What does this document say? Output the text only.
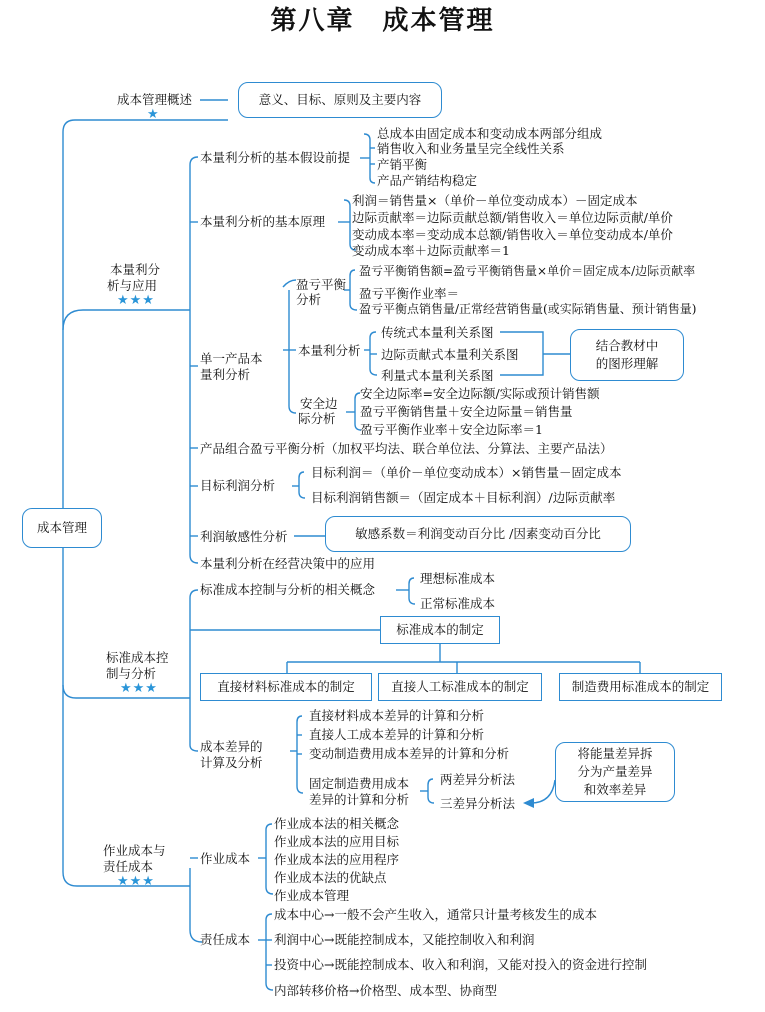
第八章　成本管理
成本管理
成本管理概述
★
意义、目标、原则及主要内容
本量利分
析与应用
★★★
本量利分析的基本假设前提
总成本由固定成本和变动成本两部分组成
销售收入和业务量呈完全线性关系
产销平衡
产品产销结构稳定
本量利分析的基本原理
利润＝销售量×（单价－单位变动成本）－固定成本
边际贡献率＝边际贡献总额/销售收入＝单位边际贡献/单价
变动成本率＝变动成本总额/销售收入＝单位变动成本/单价
变动成本率＋边际贡献率＝1
单一产品本
量利分析
盈亏平衡
分析
盈亏平衡销售额=盈亏平衡销售量×单价＝固定成本/边际贡献率
盈亏平衡作业率＝
盈亏平衡点销售量/正常经营销售量(或实际销售量、预计销售量)
本量利分析
传统式本量利关系图
边际贡献式本量利关系图
利量式本量利关系图
结合教材中
的图形理解
安全边
际分析
安全边际率=安全边际额/实际或预计销售额
盈亏平衡销售量＋安全边际量＝销售量
盈亏平衡作业率＋安全边际率＝1
产品组合盈亏平衡分析（加权平均法、联合单位法、分算法、主要产品法）
目标利润分析
目标利润＝（单价－单位变动成本）×销售量－固定成本
目标利润销售额＝（固定成本＋目标利润）/边际贡献率
利润敏感性分析	敏感系数＝利润变动百分比 /因素变动百分比
本量利分析在经营决策中的应用
标准成本控
制与分析
★★★
标准成本控制与分析的相关概念
理想标准成本
正常标准成本
标准成本的制定
直接材料标准成本的制定	直接人工标准成本的制定	制造费用标准成本的制定
成本差异的
计算及分析
直接材料成本差异的计算和分析
直接人工成本差异的计算和分析
变动制造费用成本差异的计算和分析
固定制造费用成本
差异的计算和分析
两差异分析法
三差异分析法
将能量差异拆
分为产量差异
和效率差异
作业成本与
责任成本
★★★
作业成本
作业成本法的相关概念
作业成本法的应用目标
作业成本法的应用程序
作业成本法的优缺点
作业成本管理
责任成本
成本中心→一般不会产生收入，通常只计量考核发生的成本
利润中心→既能控制成本，又能控制收入和利润
投资中心→既能控制成本、收入和利润，又能对投入的资金进行控制
内部转移价格→价格型、成本型、协商型
